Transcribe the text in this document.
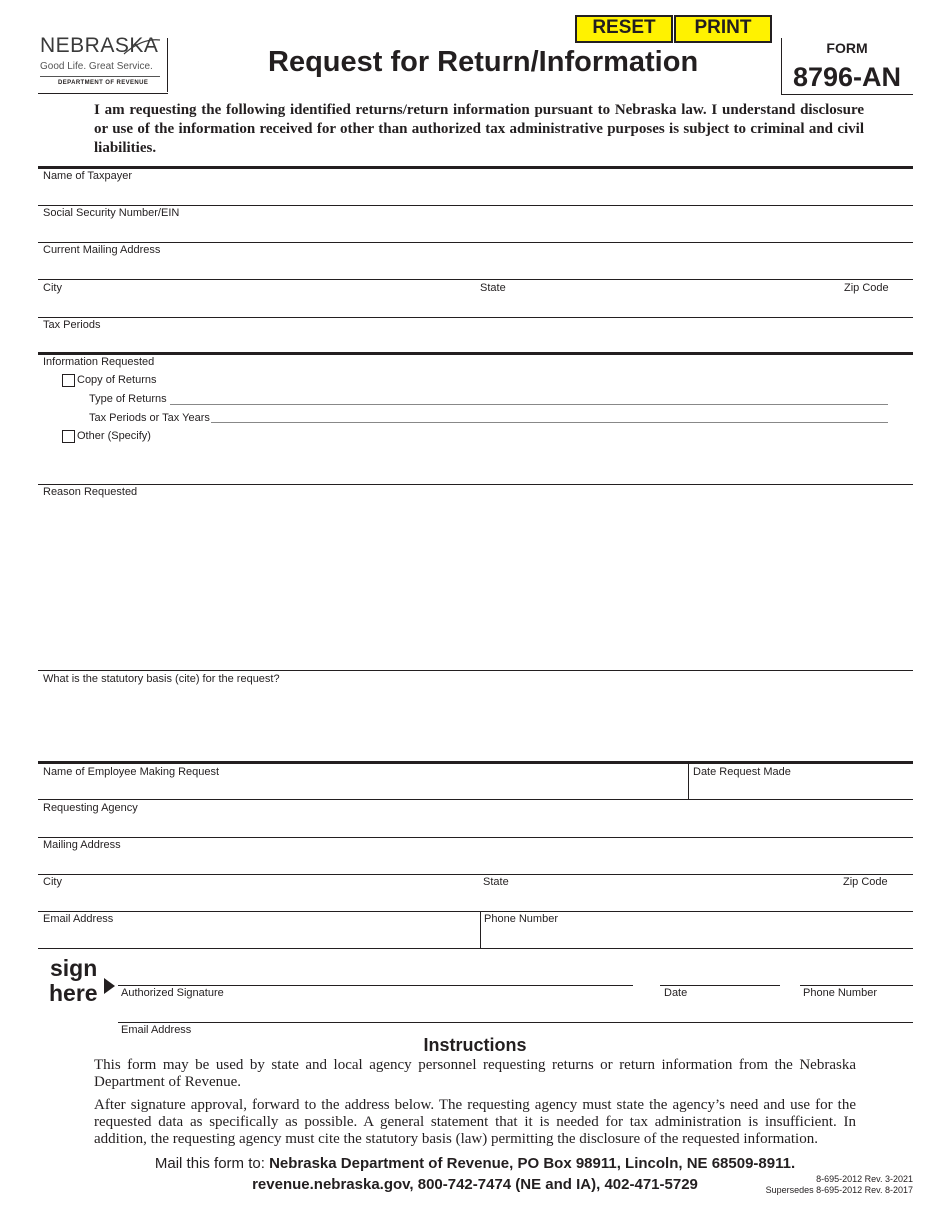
NEBRASKA
Good Life. Great Service.
DEPARTMENT OF REVENUE
Request for Return/Information
RESET	PRINT
FORM
8796-AN
I am requesting the following identified returns/return information pursuant to Nebraska law. I understand disclosure or use of the information received for other than authorized tax administrative purposes is subject to criminal and civil liabilities.
Name of Taxpayer
Social Security Number/EIN
Current Mailing Address
City	State	Zip Code
Tax Periods
Information Requested
Copy of Returns
Type of Returns
Tax Periods or Tax Years
Other (Specify)
Reason Requested
What is the statutory basis (cite) for the request?
Name of Employee Making Request	Date Request Made
Requesting Agency
Mailing Address
City	State	Zip Code
Email Address	Phone Number
sign
here Authorized Signature	Date	Phone Number
Email Address
Instructions
This form may be used by state and local agency personnel requesting returns or return information from the Nebraska Department of Revenue.
After signature approval, forward to the address below. The requesting agency must state the agency’s need and use for the requested data as specifically as possible. A general statement that it is needed for tax administration is insufficient. In addition, the requesting agency must cite the statutory basis (law) permitting the disclosure of the requested information.
Mail this form to: Nebraska Department of Revenue, PO Box 98911, Lincoln, NE 68509-8911.
revenue.nebraska.gov, 800-742-7474 (NE and IA), 402-471-5729	8-695-2012 Rev. 3-2021
Supersedes 8-695-2012 Rev. 8-2017
